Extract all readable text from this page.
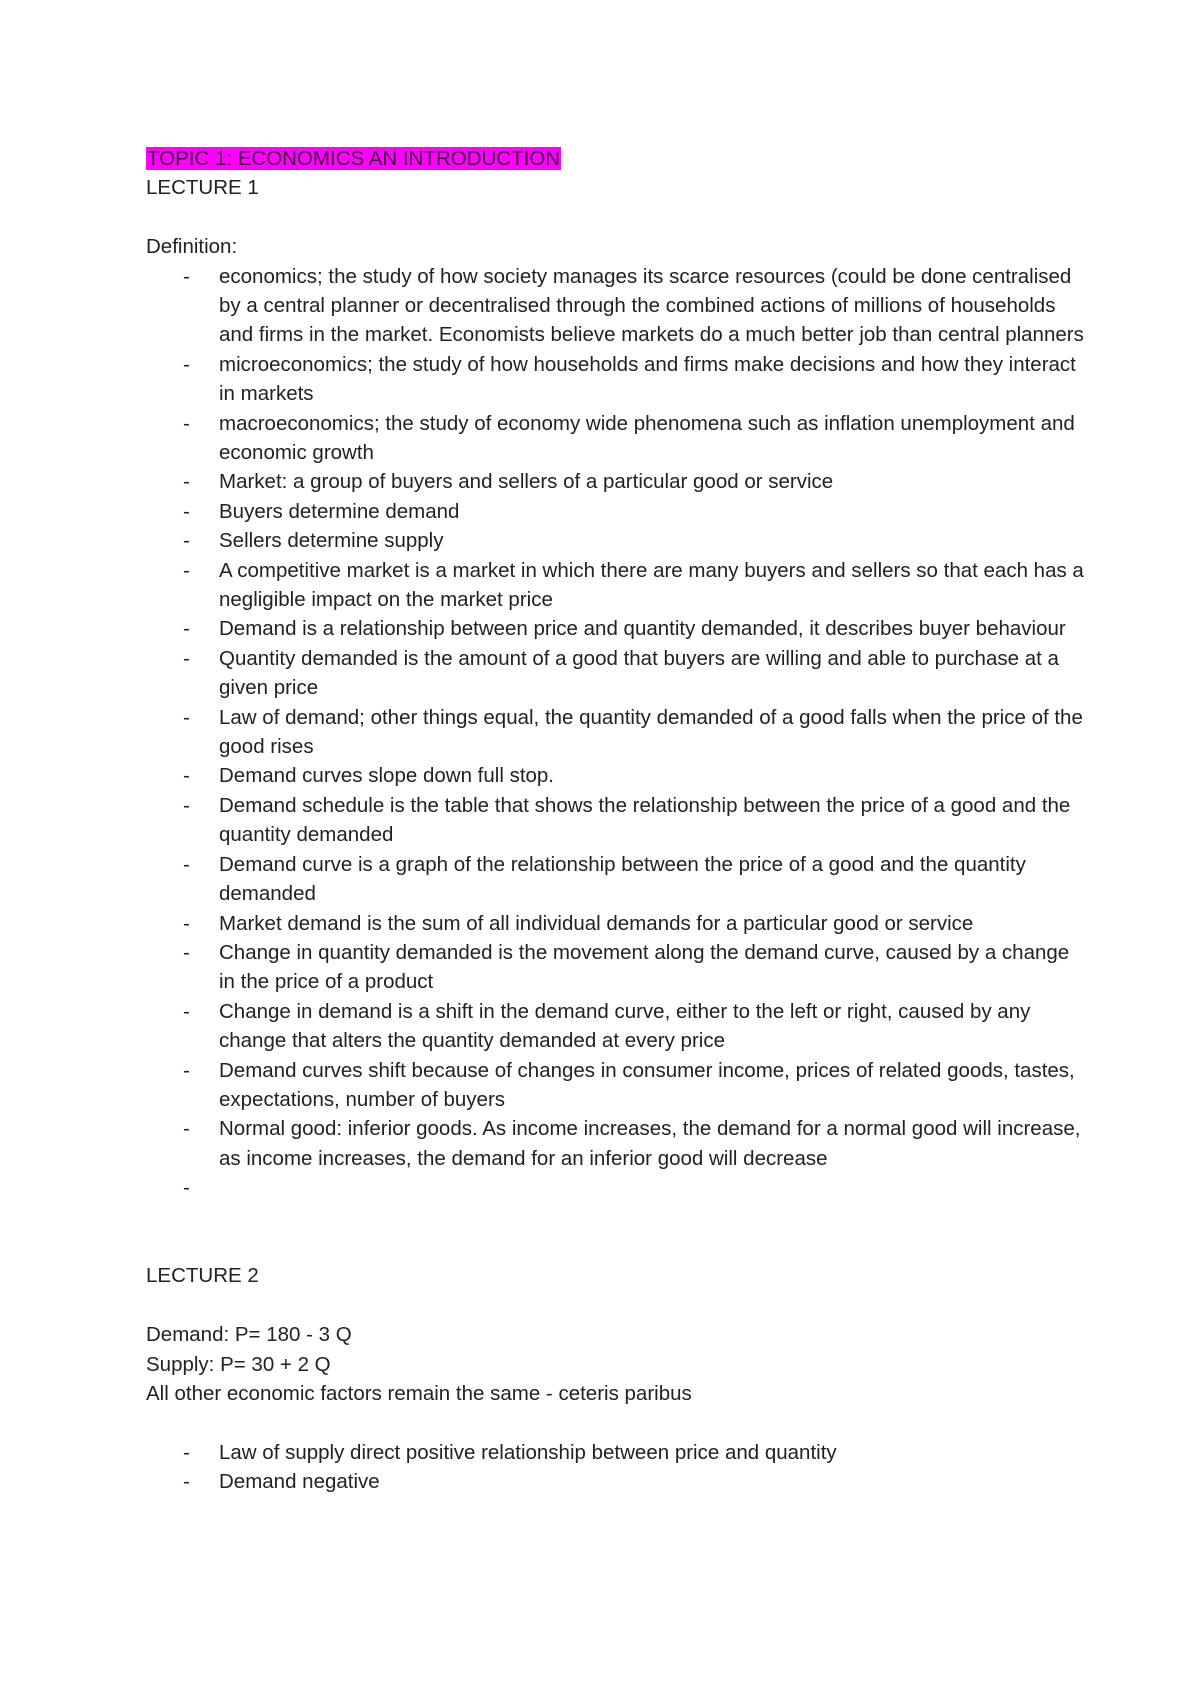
TOPIC 1: ECONOMICS AN INTRODUCTION
LECTURE 1
Definition:
- economics; the study of how society manages its scarce resources (could be done centralised by a central planner or decentralised through the combined actions of millions of households and firms in the market. Economists believe markets do a much better job than central planners
- microeconomics; the study of how households and firms make decisions and how they interact in markets
- macroeconomics; the study of economy wide phenomena such as inflation unemployment and economic growth
- Market: a group of buyers and sellers of a particular good or service
- Buyers determine demand
- Sellers determine supply
- A competitive market is a market in which there are many buyers and sellers so that each has a negligible impact on the market price
- Demand is a relationship between price and quantity demanded, it describes buyer behaviour
- Quantity demanded is the amount of a good that buyers are willing and able to purchase at a given price
- Law of demand; other things equal, the quantity demanded of a good falls when the price of the good rises
- Demand curves slope down full stop.
- Demand schedule is the table that shows the relationship between the price of a good and the quantity demanded
- Demand curve is a graph of the relationship between the price of a good and the quantity demanded
- Market demand is the sum of all individual demands for a particular good or service
- Change in quantity demanded is the movement along the demand curve, caused by a change in the price of a product
- Change in demand is a shift in the demand curve, either to the left or right, caused by any change that alters the quantity demanded at every price
- Demand curves shift because of changes in consumer income, prices of related goods, tastes, expectations, number of buyers
- Normal good: inferior goods. As income increases, the demand for a normal good will increase, as income increases, the demand for an inferior good will decrease
-
LECTURE 2
Demand: P= 180 - 3 Q
Supply: P= 30 + 2 Q
All other economic factors remain the same - ceteris paribus
- Law of supply direct positive relationship between price and quantity
- Demand negative
